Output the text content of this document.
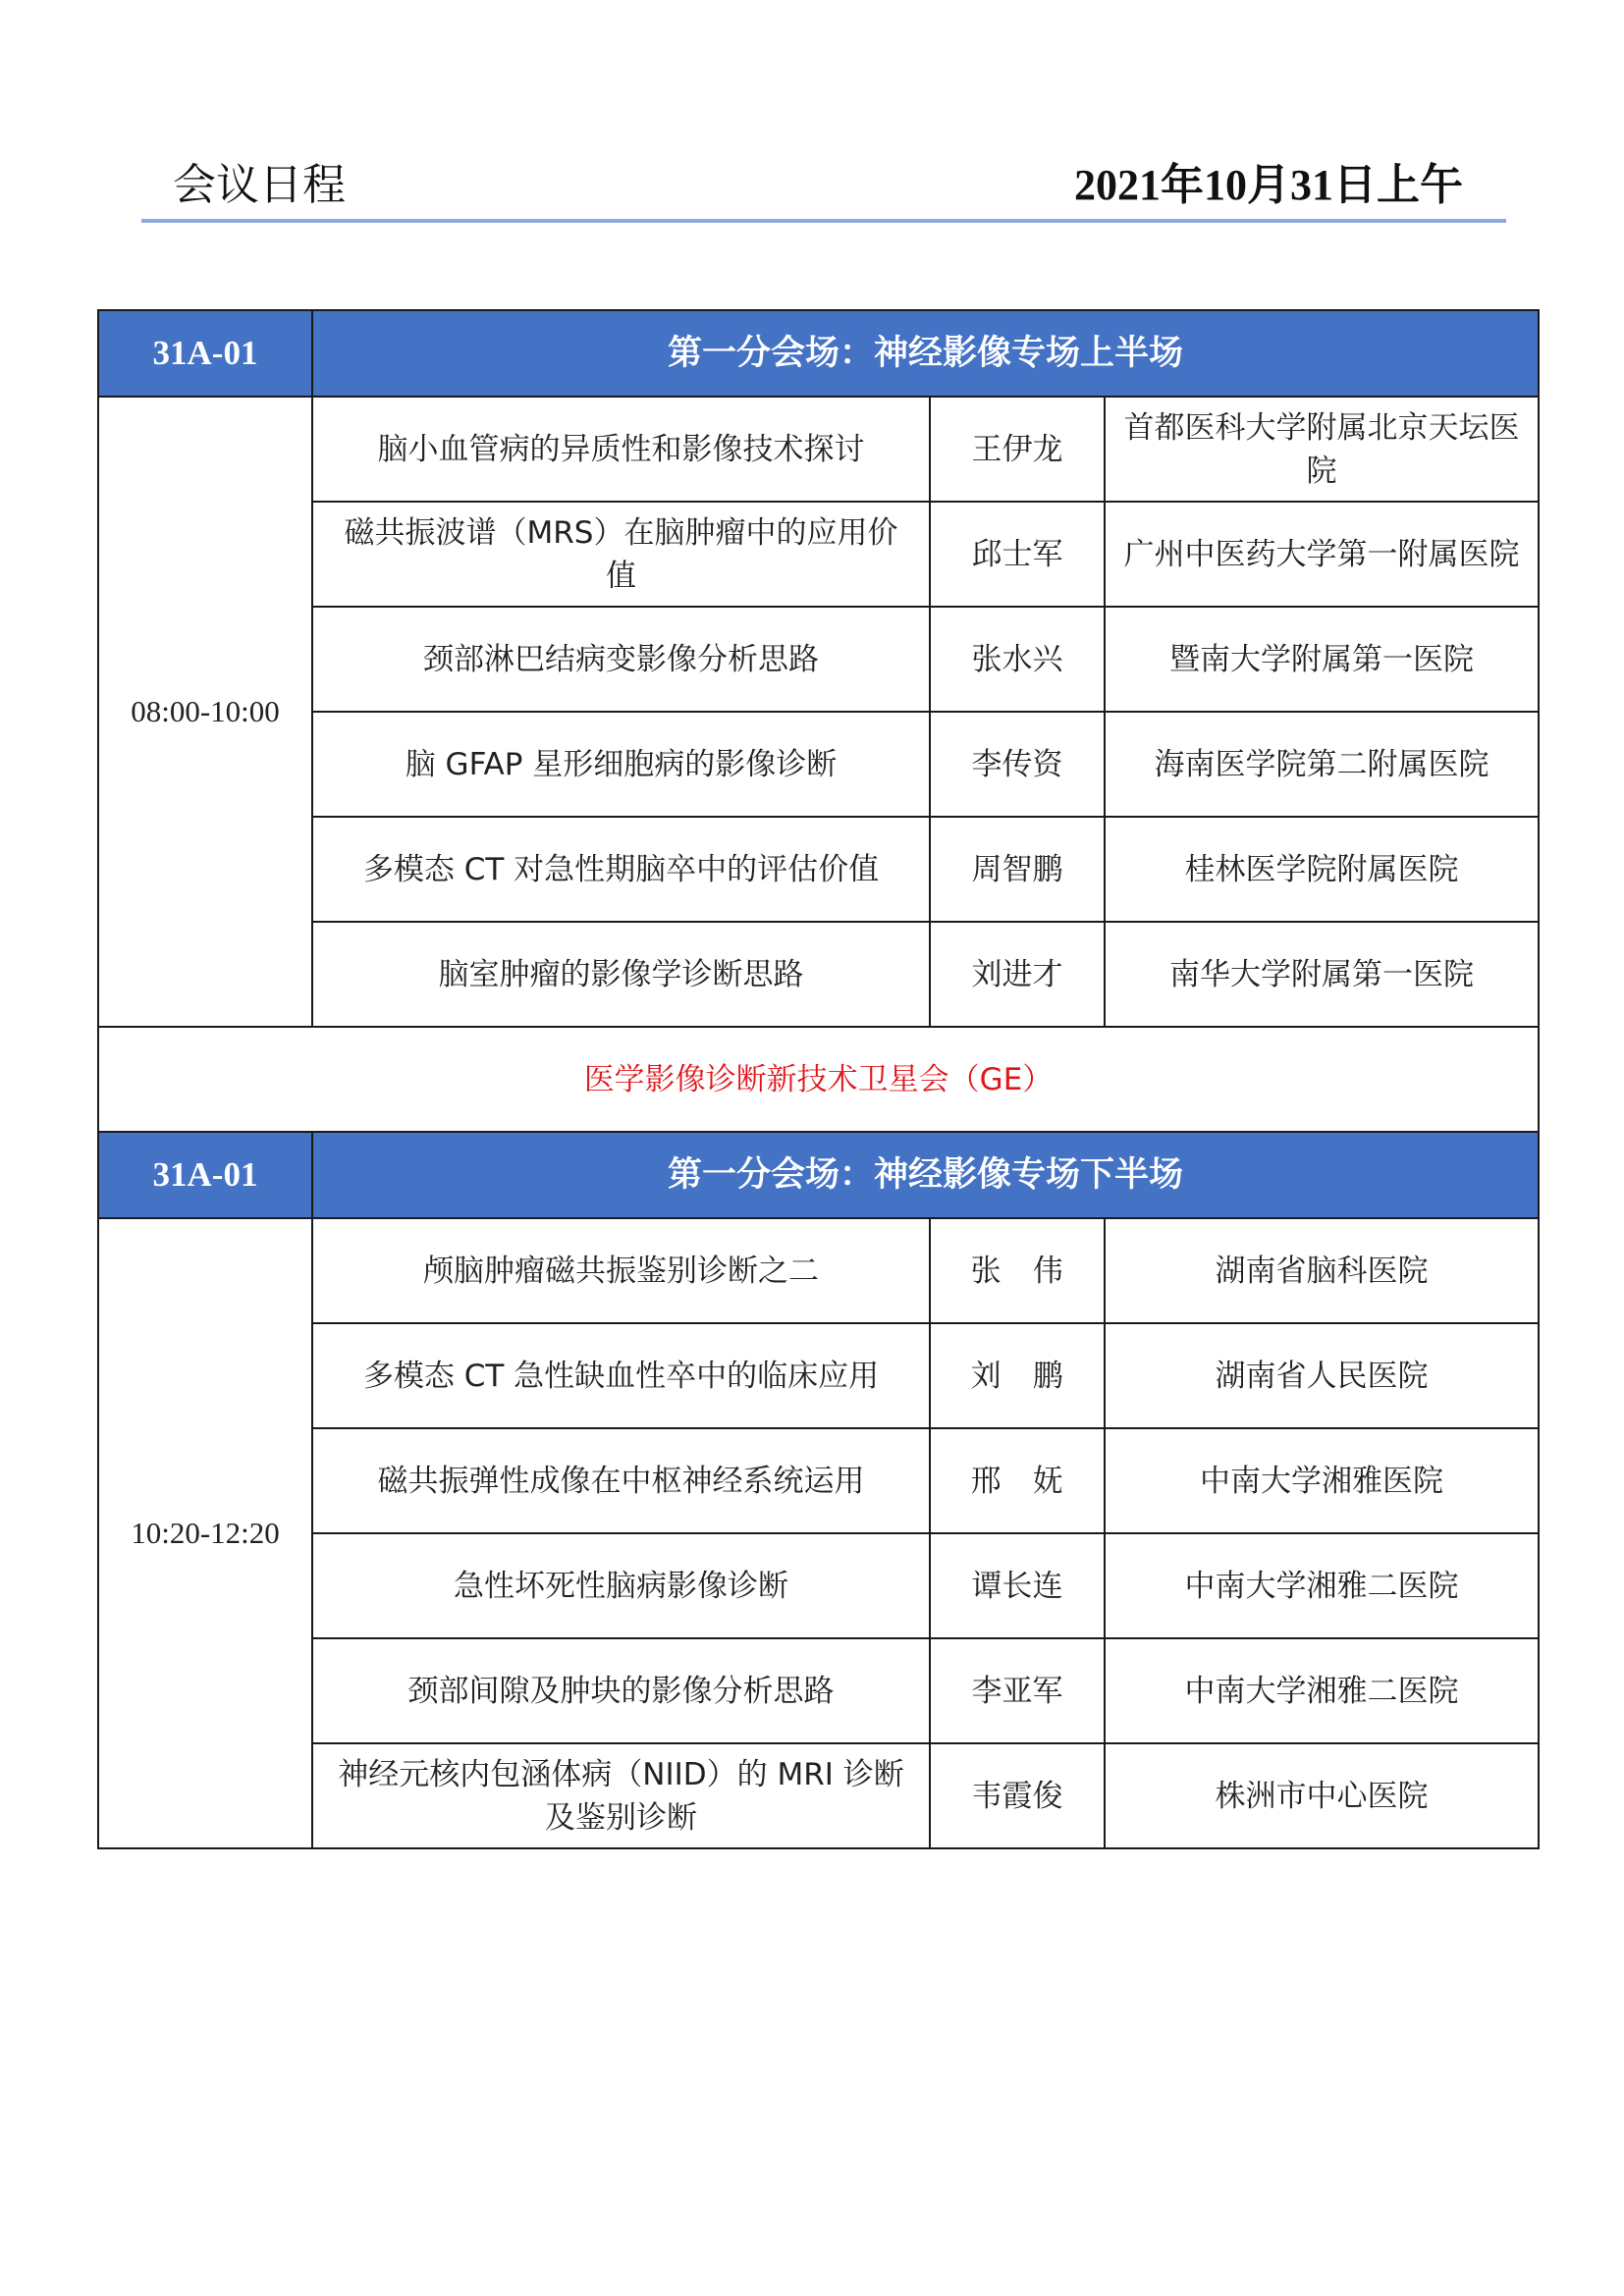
会议日程	2021年10月31日上午
31A-01	第一分会场：神经影像专场上半场		
08:00-10:00	脑小血管病的异质性和影像技术探讨	王伊龙	首都医科大学附属北京天坛医院
	磁共振波谱（MRS）在脑肿瘤中的应用价值	邱士军	广州中医药大学第一附属医院
	颈部淋巴结病变影像分析思路	张水兴	暨南大学附属第一医院
	脑 GFAP 星形细胞病的影像诊断	李传资	海南医学院第二附属医院
	多模态 CT 对急性期脑卒中的评估价值	周智鹏	桂林医学院附属医院
	脑室肿瘤的影像学诊断思路	刘进才	南华大学附属第一医院
医学影像诊断新技术卫星会（GE）			
31A-01	第一分会场：神经影像专场下半场		
10:20-12:20	颅脑肿瘤磁共振鉴别诊断之二	张　伟	湖南省脑科医院
	多模态 CT 急性缺血性卒中的临床应用	刘　鹏	湖南省人民医院
	磁共振弹性成像在中枢神经系统运用	邢　妩	中南大学湘雅医院
	急性坏死性脑病影像诊断	谭长连	中南大学湘雅二医院
	颈部间隙及肿块的影像分析思路	李亚军	中南大学湘雅二医院
	神经元核内包涵体病（NIID）的 MRI 诊断及鉴别诊断	韦霞俊	株洲市中心医院
